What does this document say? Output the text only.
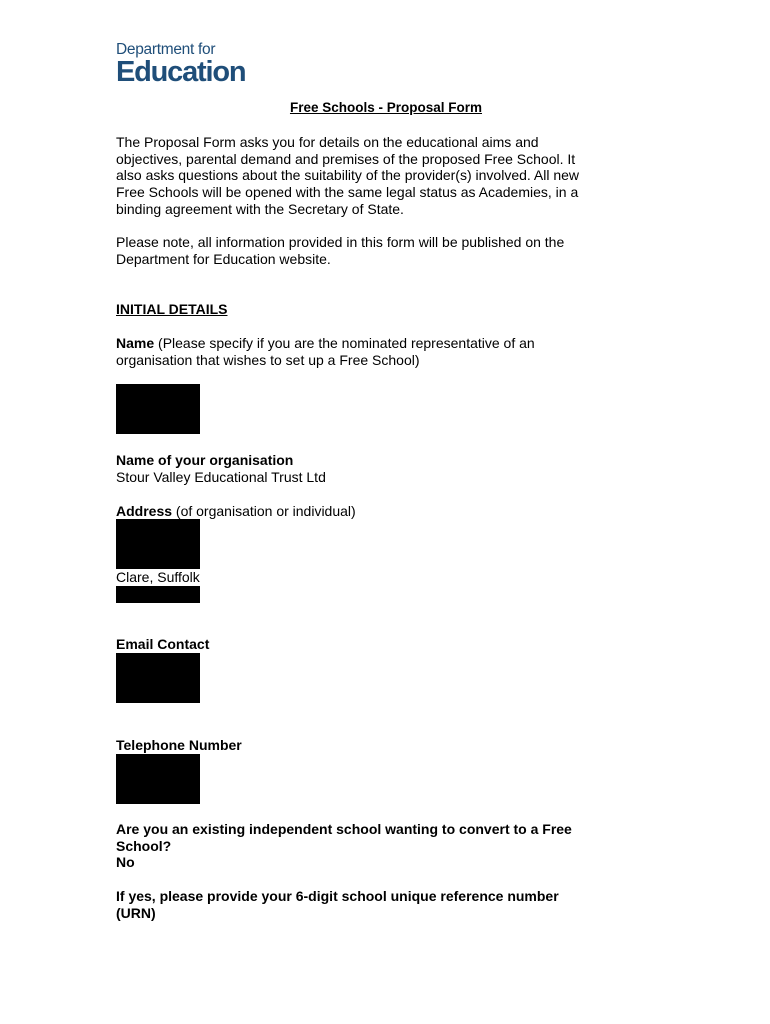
Department for
Education
Free Schools - Proposal Form
The Proposal Form asks you for details on the educational aims and
objectives, parental demand and premises of the proposed Free School. It
also asks questions about the suitability of the provider(s) involved. All new
Free Schools will be opened with the same legal status as Academies, in a
binding agreement with the Secretary of State.
Please note, all information provided in this form will be published on the
Department for Education website.
INITIAL DETAILS
Name (Please specify if you are the nominated representative of an
organisation that wishes to set up a Free School)
Name of your organisation
Stour Valley Educational Trust Ltd
Address (of organisation or individual)
Clare, Suffolk
Email Contact
Telephone Number
Are you an existing independent school wanting to convert to a Free
School?
No
If yes, please provide your 6-digit school unique reference number
(URN)
